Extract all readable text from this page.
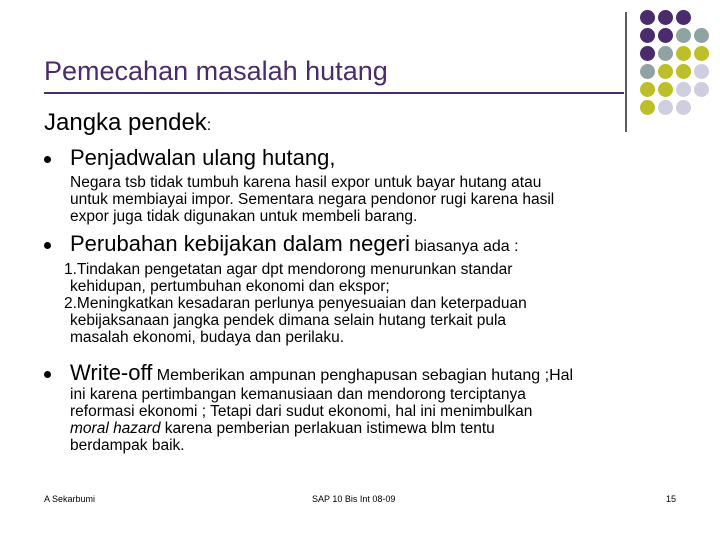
Pemecahan masalah hutang
Jangka pendek:
Penjadwalan ulang hutang,
Negara tsb tidak tumbuh karena hasil expor untuk bayar hutang atau
untuk membiayai impor. Sementara negara pendonor rugi karena hasil
expor juga tidak digunakan untuk membeli barang.
Perubahan kebijakan dalam negeri biasanya ada :
1.Tindakan pengetatan agar dpt mendorong menurunkan standar
kehidupan, pertumbuhan ekonomi dan ekspor;
2.Meningkatkan kesadaran perlunya penyesuaian dan keterpaduan
kebijaksanaan jangka pendek dimana selain hutang terkait pula
masalah ekonomi, budaya dan perilaku.
Write-off Memberikan ampunan penghapusan sebagian hutang ;Hal
ini karena pertimbangan kemanusiaan dan mendorong terciptanya
reformasi ekonomi ; Tetapi dari sudut ekonomi, hal ini menimbulkan
moral hazard karena pemberian perlakuan istimewa blm tentu
berdampak baik.
A Sekarbumi	SAP 10 Bis Int 08-09	15
